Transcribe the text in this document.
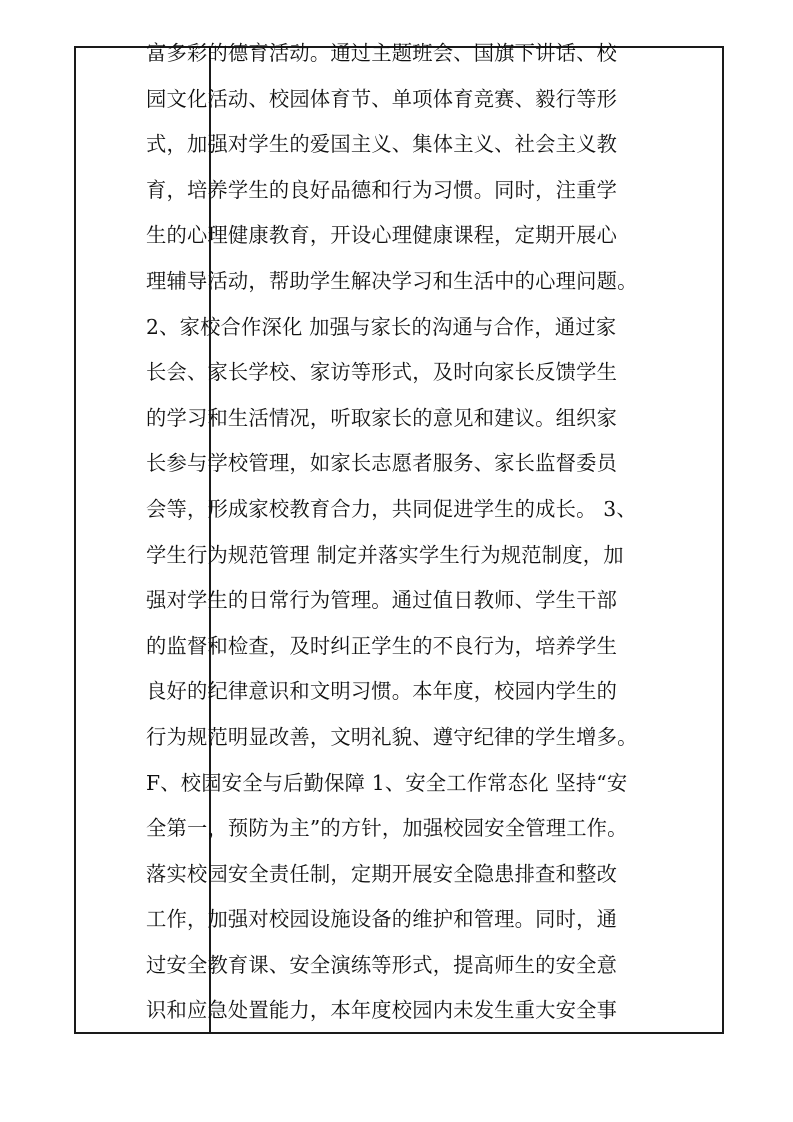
富多彩的德育活动。通过主题班会、国旗下讲话、校
园文化活动、校园体育节、单项体育竞赛、毅行等形
式，加强对学生的爱国主义、集体主义、社会主义教
育，培养学生的良好品德和行为习惯。同时，注重学
生的心理健康教育，开设心理健康课程，定期开展心
理辅导活动，帮助学生解决学习和生活中的心理问题。
2、家校合作深化 加强与家长的沟通与合作，通过家
长会、家长学校、家访等形式，及时向家长反馈学生
的学习和生活情况，听取家长的意见和建议。组织家
长参与学校管理，如家长志愿者服务、家长监督委员
会等，形成家校教育合力，共同促进学生的成长。 3、
学生行为规范管理 制定并落实学生行为规范制度，加
强对学生的日常行为管理。通过值日教师、学生干部
的监督和检查，及时纠正学生的不良行为，培养学生
良好的纪律意识和文明习惯。本年度，校园内学生的
行为规范明显改善，文明礼貌、遵守纪律的学生增多。
F、校园安全与后勤保障 1、安全工作常态化 坚持“安
全第一，预防为主”的方针，加强校园安全管理工作。
落实校园安全责任制，定期开展安全隐患排查和整改
工作，加强对校园设施设备的维护和管理。同时，通
过安全教育课、安全演练等形式，提高师生的安全意
识和应急处置能力，本年度校园内未发生重大安全事
